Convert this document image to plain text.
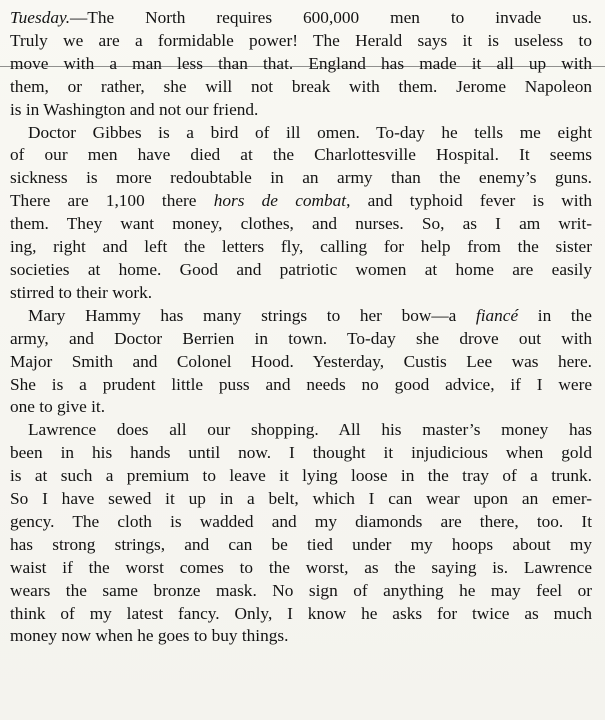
Tuesday.—The North requires 600,000 men to invade us.
Truly we are a formidable power! The Herald says it is useless to
move with a man less than that. England has made it all up with
them, or rather, she will not break with them. Jerome Napoleon
is in Washington and not our friend.
Doctor Gibbes is a bird of ill omen. To-day he tells me eight
of our men have died at the Charlottesville Hospital. It seems
sickness is more redoubtable in an army than the enemy’s guns.
There are 1,100 there hors de combat, and typhoid fever is with
them. They want money, clothes, and nurses. So, as I am writ-
ing, right and left the letters fly, calling for help from the sister
societies at home. Good and patriotic women at home are easily
stirred to their work.
Mary Hammy has many strings to her bow—a fiancé in the
army, and Doctor Berrien in town. To-day she drove out with
Major Smith and Colonel Hood. Yesterday, Custis Lee was here.
She is a prudent little puss and needs no good advice, if I were
one to give it.
Lawrence does all our shopping. All his master’s money has
been in his hands until now. I thought it injudicious when gold
is at such a premium to leave it lying loose in the tray of a trunk.
So I have sewed it up in a belt, which I can wear upon an emer-
gency. The cloth is wadded and my diamonds are there, too. It
has strong strings, and can be tied under my hoops about my
waist if the worst comes to the worst, as the saying is. Lawrence
wears the same bronze mask. No sign of anything he may feel or
think of my latest fancy. Only, I know he asks for twice as much
money now when he goes to buy things.
